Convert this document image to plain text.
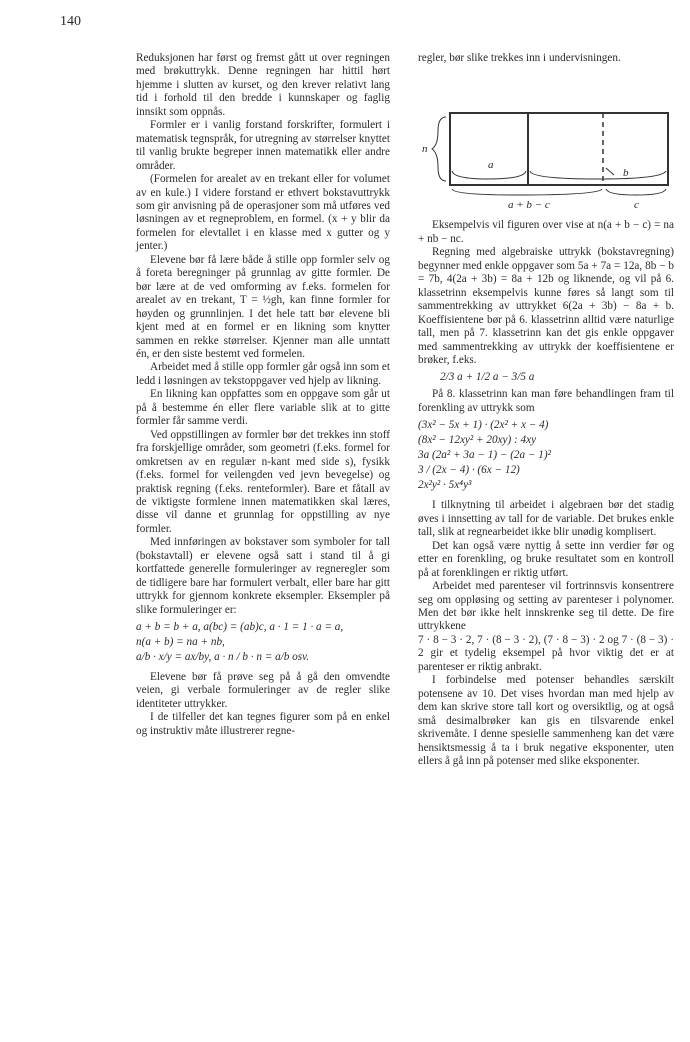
140

Reduksjonen har først og fremst gått ut over regningen med brøkuttrykk. Denne regningen har hittil hørt hjemme i slutten av kurset, og den krever relativt lang tid i forhold til den bredde i kunnskaper og faglig innsikt som oppnås.

Formler er i vanlig forstand forskrifter, formulert i matematisk tegnspråk, for utregning av størrelser knyttet til vanlig brukte begreper innen matematikk eller andre områder.

(Formelen for arealet av en trekant eller for volumet av en kule.) I videre forstand er ethvert bokstavuttrykk som gir anvisning på de operasjoner som må utføres ved løsningen av et regneproblem, en formel. (x + y blir da formelen for elevtallet i en klasse med x gutter og y jenter.)

Elevene bør få lære både å stille opp formler selv og å foreta beregninger på grunnlag av gitte formler. De bør lære at de ved omforming av f.eks. formelen for arealet av en trekant, T = ½gh, kan finne formler for høyden og grunnlinjen. I det hele tatt bør elevene bli kjent med at en formel er en likning som knytter sammen en rekke størrelser. Kjenner man alle unntatt én, er den siste bestemt ved formelen.

Arbeidet med å stille opp formler går også inn som et ledd i løsningen av tekstoppgaver ved hjelp av likning.

En likning kan oppfattes som en oppgave som går ut på å bestemme én eller flere variable slik at to gitte formler får samme verdi.

Ved oppstillingen av formler bør det trekkes inn stoff fra forskjellige områder, som geometri (f.eks. formel for omkretsen av en regulær n-kant med side s), fysikk (f.eks. formel for veilengden ved jevn bevegelse) og praktisk regning (f.eks. renteformler). Bare et fåtall av de viktigste formlene innen matematikken skal læres, disse vil danne et grunnlag for oppstilling av nye formler.

Med innføringen av bokstaver som symboler for tall (bokstavtall) er elevene også satt i stand til å gi kortfattede generelle formuleringer av regneregler som de tidligere bare har formulert verbalt, eller bare har gitt uttrykk for gjennom konkrete eksempler. Eksempler på slike formuleringer er:

a + b = b + a, a(bc) = (ab)c, a · 1 = 1 · a = a,
n(a + b) = na + nb,
a/b · x/y = ax/by, a · n / b · n = a/b osv.

Elevene bør få prøve seg på å gå den omvendte veien, gi verbale formuleringer av de regler slike identiteter uttrykker.

I de tilfeller det kan tegnes figurer som på en enkel og instruktiv måte illustrerer regne-

regler, bør slike trekkes inn i undervisningen.

n
a
b
a + b − c	c

Eksempelvis vil figuren over vise at n(a + b − c) = na + nb − nc.

Regning med algebraiske uttrykk (bokstavregning) begynner med enkle oppgaver som 5a + 7a = 12a, 8b − b = 7b, 4(2a + 3b) = 8a + 12b og liknende, og vil på 6. klassetrinn eksempelvis kunne føres så langt som til sammentrekking av uttrykket 6(2a + 3b) − 8a + b. Koeffisientene bør på 6. klassetrinn alltid være naturlige tall, men på 7. klassetrinn kan det gis enkle oppgaver med sammentrekking av uttrykk der koeffisientene er brøker, f.eks.

2/3 a + 1/2 a − 3/5 a

På 8. klassetrinn kan man føre behandlingen fram til forenkling av uttrykk som

(3x² − 5x + 1) · (2x² + x − 4)
(8x² − 12xy² + 20xy) : 4xy
3a (2a² + 3a − 1) − (2a − 1)²
3 / (2x − 4) · (6x − 12)
2x²y² · 5x⁴y³

I tilknytning til arbeidet i algebraen bør det stadig øves i innsetting av tall for de variable. Det brukes enkle tall, slik at regnearbeidet ikke blir unødig komplisert.

Det kan også være nyttig å sette inn verdier før og etter en forenkling, og bruke resultatet som en kontroll på at forenklingen er riktig utført.

Arbeidet med parenteser vil fortrinnsvis konsentrere seg om oppløsing og setting av parenteser i polynomer. Men det bør ikke helt innskrenke seg til dette. De fire uttrykkene

7 · 8 − 3 · 2, 7 · (8 − 3 · 2), (7 · 8 − 3) · 2 og 7 · (8 − 3) · 2 gir et tydelig eksempel på hvor viktig det er at parenteser er riktig anbrakt.

I forbindelse med potenser behandles særskilt potensene av 10. Det vises hvordan man med hjelp av dem kan skrive store tall kort og oversiktlig, og at også små desimalbrøker kan gis en tilsvarende enkel skrivemåte. I denne spesielle sammenheng kan det være hensiktsmessig å ta i bruk negative eksponenter, uten ellers å gå inn på potenser med slike eksponenter.
